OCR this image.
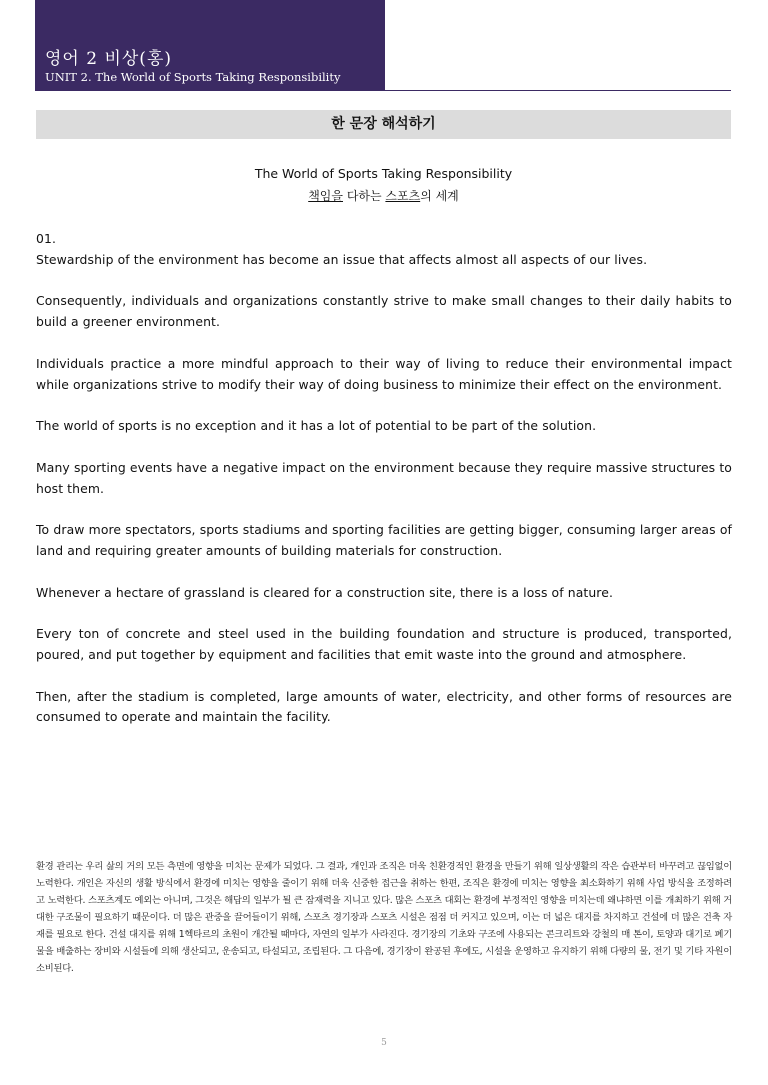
영어 2 비상(홍)
UNIT 2. The World of Sports Taking Responsibility
한 문장 해석하기
The World of Sports Taking Responsibility
책임을 다하는 스포츠의 세계

01.

Stewardship of the environment has become an issue that affects almost all aspects of our lives.

Consequently, individuals and organizations constantly strive to make small changes to their daily habits to build a greener environment.

Individuals practice a more mindful approach to their way of living to reduce their environmental impact while organizations strive to modify their way of doing business to minimize their effect on the environment.

The world of sports is no exception and it has a lot of potential to be part of the solution.

Many sporting events have a negative impact on the environment because they require massive structures to host them.

To draw more spectators, sports stadiums and sporting facilities are getting bigger, consuming larger areas of land and requiring greater amounts of building materials for construction.

Whenever a hectare of grassland is cleared for a construction site, there is a loss of nature.

Every ton of concrete and steel used in the building foundation and structure is produced, transported, poured, and put together by equipment and facilities that emit waste into the ground and atmosphere.

Then, after the stadium is completed, large amounts of water, electricity, and other forms of resources are consumed to operate and maintain the facility.

환경 관리는 우리 삶의 거의 모든 측면에 영향을 미치는 문제가 되었다. 그 결과, 개인과 조직은 더욱 친환경적인 환경을 만들기 위해 일상생활의 작은 습관부터 바꾸려고 끊임없이 노력한다. 개인은 자신의 생활 방식에서 환경에 미치는 영향을 줄이기 위해 더욱 신중한 접근을 취하는 한편, 조직은 환경에 미치는 영향을 최소화하기 위해 사업 방식을 조정하려고 노력한다. 스포츠계도 예외는 아니며, 그것은 해답의 일부가 될 큰 잠재력을 지니고 있다. 많은 스포츠 대회는 환경에 부정적인 영향을 미치는데 왜냐하면 이를 개최하기 위해 거대한 구조물이 필요하기 때문이다. 더 많은 관중을 끌어들이기 위해, 스포츠 경기장과 스포츠 시설은 점점 더 커지고 있으며, 이는 더 넓은 대지를 차지하고 건설에 더 많은 건축 자재를 필요로 한다. 건설 대지를 위해 1헥타르의 초원이 개간될 때마다, 자연의 일부가 사라진다. 경기장의 기초와 구조에 사용되는 콘크리트와 강철의 매 톤이, 토양과 대기로 폐기물을 배출하는 장비와 시설들에 의해 생산되고, 운송되고, 타설되고, 조립된다. 그 다음에, 경기장이 완공된 후에도, 시설을 운영하고 유지하기 위해 다량의 물, 전기 및 기타 자원이 소비된다.
5
